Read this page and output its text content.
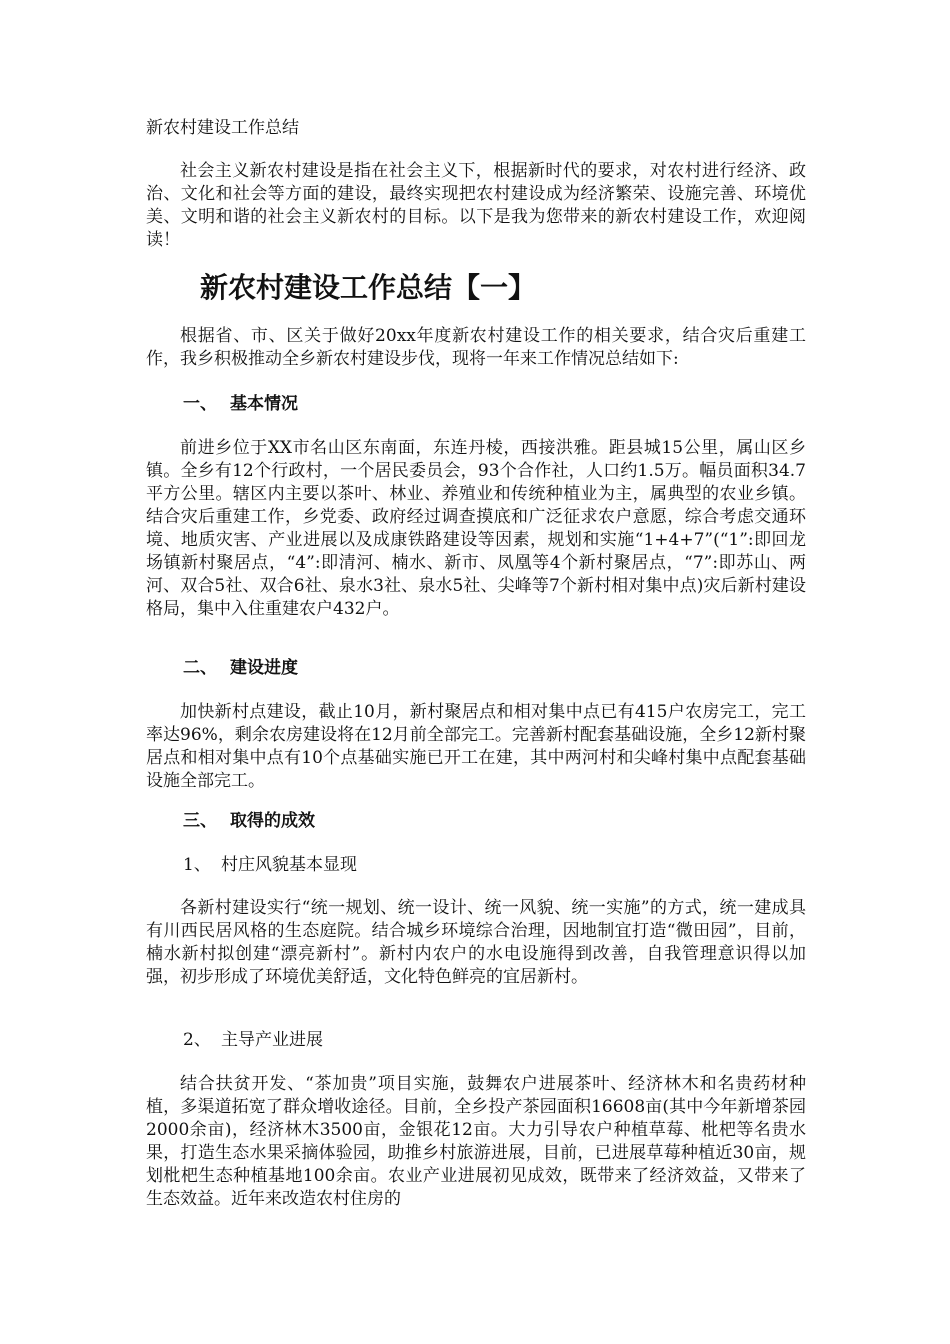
新农村建设工作总结

社会主义新农村建设是指在社会主义下，根据新时代的要求，对农村进行经济、政治、文化和社会等方面的建设，最终实现把农村建设成为经济繁荣、设施完善、环境优美、文明和谐的社会主义新农村的目标。以下是我为您带来的新农村建设工作，欢迎阅读！

新农村建设工作总结【一】

根据省、市、区关于做好20xx年度新农村建设工作的相关要求，结合灾后重建工作，我乡积极推动全乡新农村建设步伐，现将一年来工作情况总结如下:

一、 基本情况

前进乡位于XX市名山区东南面，东连丹棱，西接洪雅。距县城15公里，属山区乡镇。全乡有12个行政村，一个居民委员会，93个合作社，人口约1.5万。幅员面积34.7平方公里。辖区内主要以茶叶、林业、养殖业和传统种植业为主，属典型的农业乡镇。结合灾后重建工作，乡党委、政府经过调查摸底和广泛征求农户意愿，综合考虑交通环境、地质灾害、产业进展以及成康铁路建设等因素，规划和实施“1+4+7”(“1”:即回龙场镇新村聚居点，“4”:即清河、楠水、新市、凤凰等4个新村聚居点，“7”:即苏山、两河、双合5社、双合6社、泉水3社、泉水5社、尖峰等7个新村相对集中点)灾后新村建设格局，集中入住重建农户432户。

二、 建设进度

加快新村点建设，截止10月，新村聚居点和相对集中点已有415户农房完工，完工率达96%，剩余农房建设将在12月前全部完工。完善新村配套基础设施，全乡12新村聚居点和相对集中点有10个点基础实施已开工在建，其中两河村和尖峰村集中点配套基础设施全部完工。

三、 取得的成效
1、 村庄风貌基本显现

各新村建设实行“统一规划、统一设计、统一风貌、统一实施”的方式，统一建成具有川西民居风格的生态庭院。结合城乡环境综合治理，因地制宜打造“微田园”，目前，楠水新村拟创建“漂亮新村”。新村内农户的水电设施得到改善，自我管理意识得以加强，初步形成了环境优美舒适，文化特色鲜亮的宜居新村。

2、 主导产业进展

结合扶贫开发、“茶加贵”项目实施，鼓舞农户进展茶叶、经济林木和名贵药材种植，多渠道拓宽了群众增收途径。目前，全乡投产茶园面积16608亩(其中今年新增茶园2000余亩)，经济林木3500亩，金银花12亩。大力引导农户种植草莓、枇杷等名贵水果，打造生态水果采摘体验园，助推乡村旅游进展，目前，已进展草莓种植近30亩，规划枇杷生态种植基地100余亩。农业产业进展初见成效，既带来了经济效益，又带来了生态效益。近年来改造农村住房的
